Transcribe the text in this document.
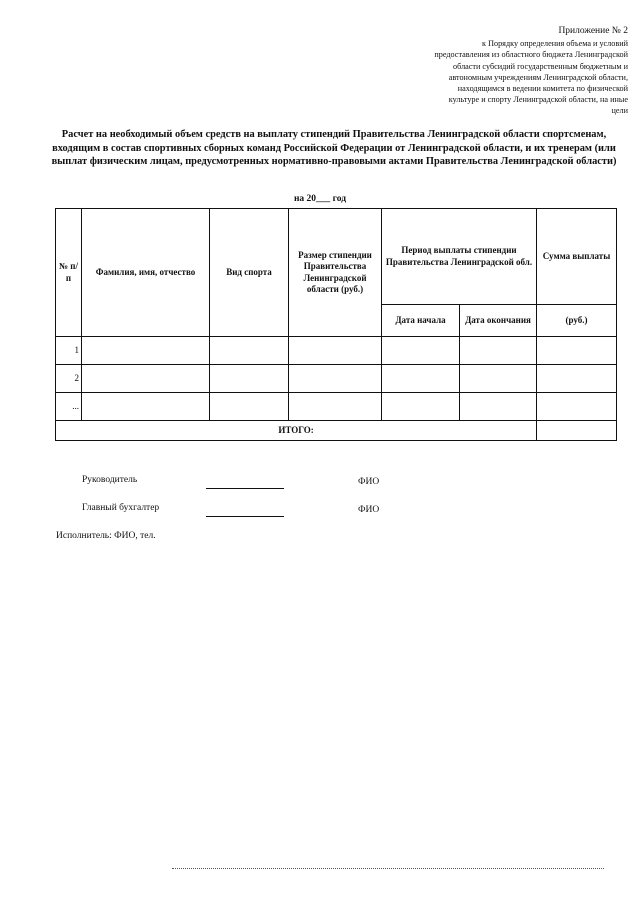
Приложение № 2
к Порядку определения объема и условий
предоставления из областного бюджета Ленинградской
области субсидий государственным бюджетным и
автономным учреждениям Ленинградской области,
находящимся в ведении комитета по физической
культуре и спорту Ленинградской области, на иные
цели
Расчет на необходимый объем средств на выплату стипендий Правительства Ленинградской области спортсменам, входящим в состав спортивных сборных команд Российской Федерации от Ленинградской области, и их тренерам (или выплат физическим лицам, предусмотренных нормативно-правовыми актами Правительства Ленинградской области)
на 20___ год
№ п/п	Фамилия, имя, отчество	Вид спорта	Размер стипендии Правительства Ленинградской области (руб.)	Период выплаты стипендии Правительства Ленинградской обл.		Сумма выплаты
				Дата начала	Дата окончания	(руб.)
1						
2						
...						
ИТОГО:						
Руководитель	ФИО
Главный бухгалтер	ФИО
Исполнитель: ФИО, тел.
